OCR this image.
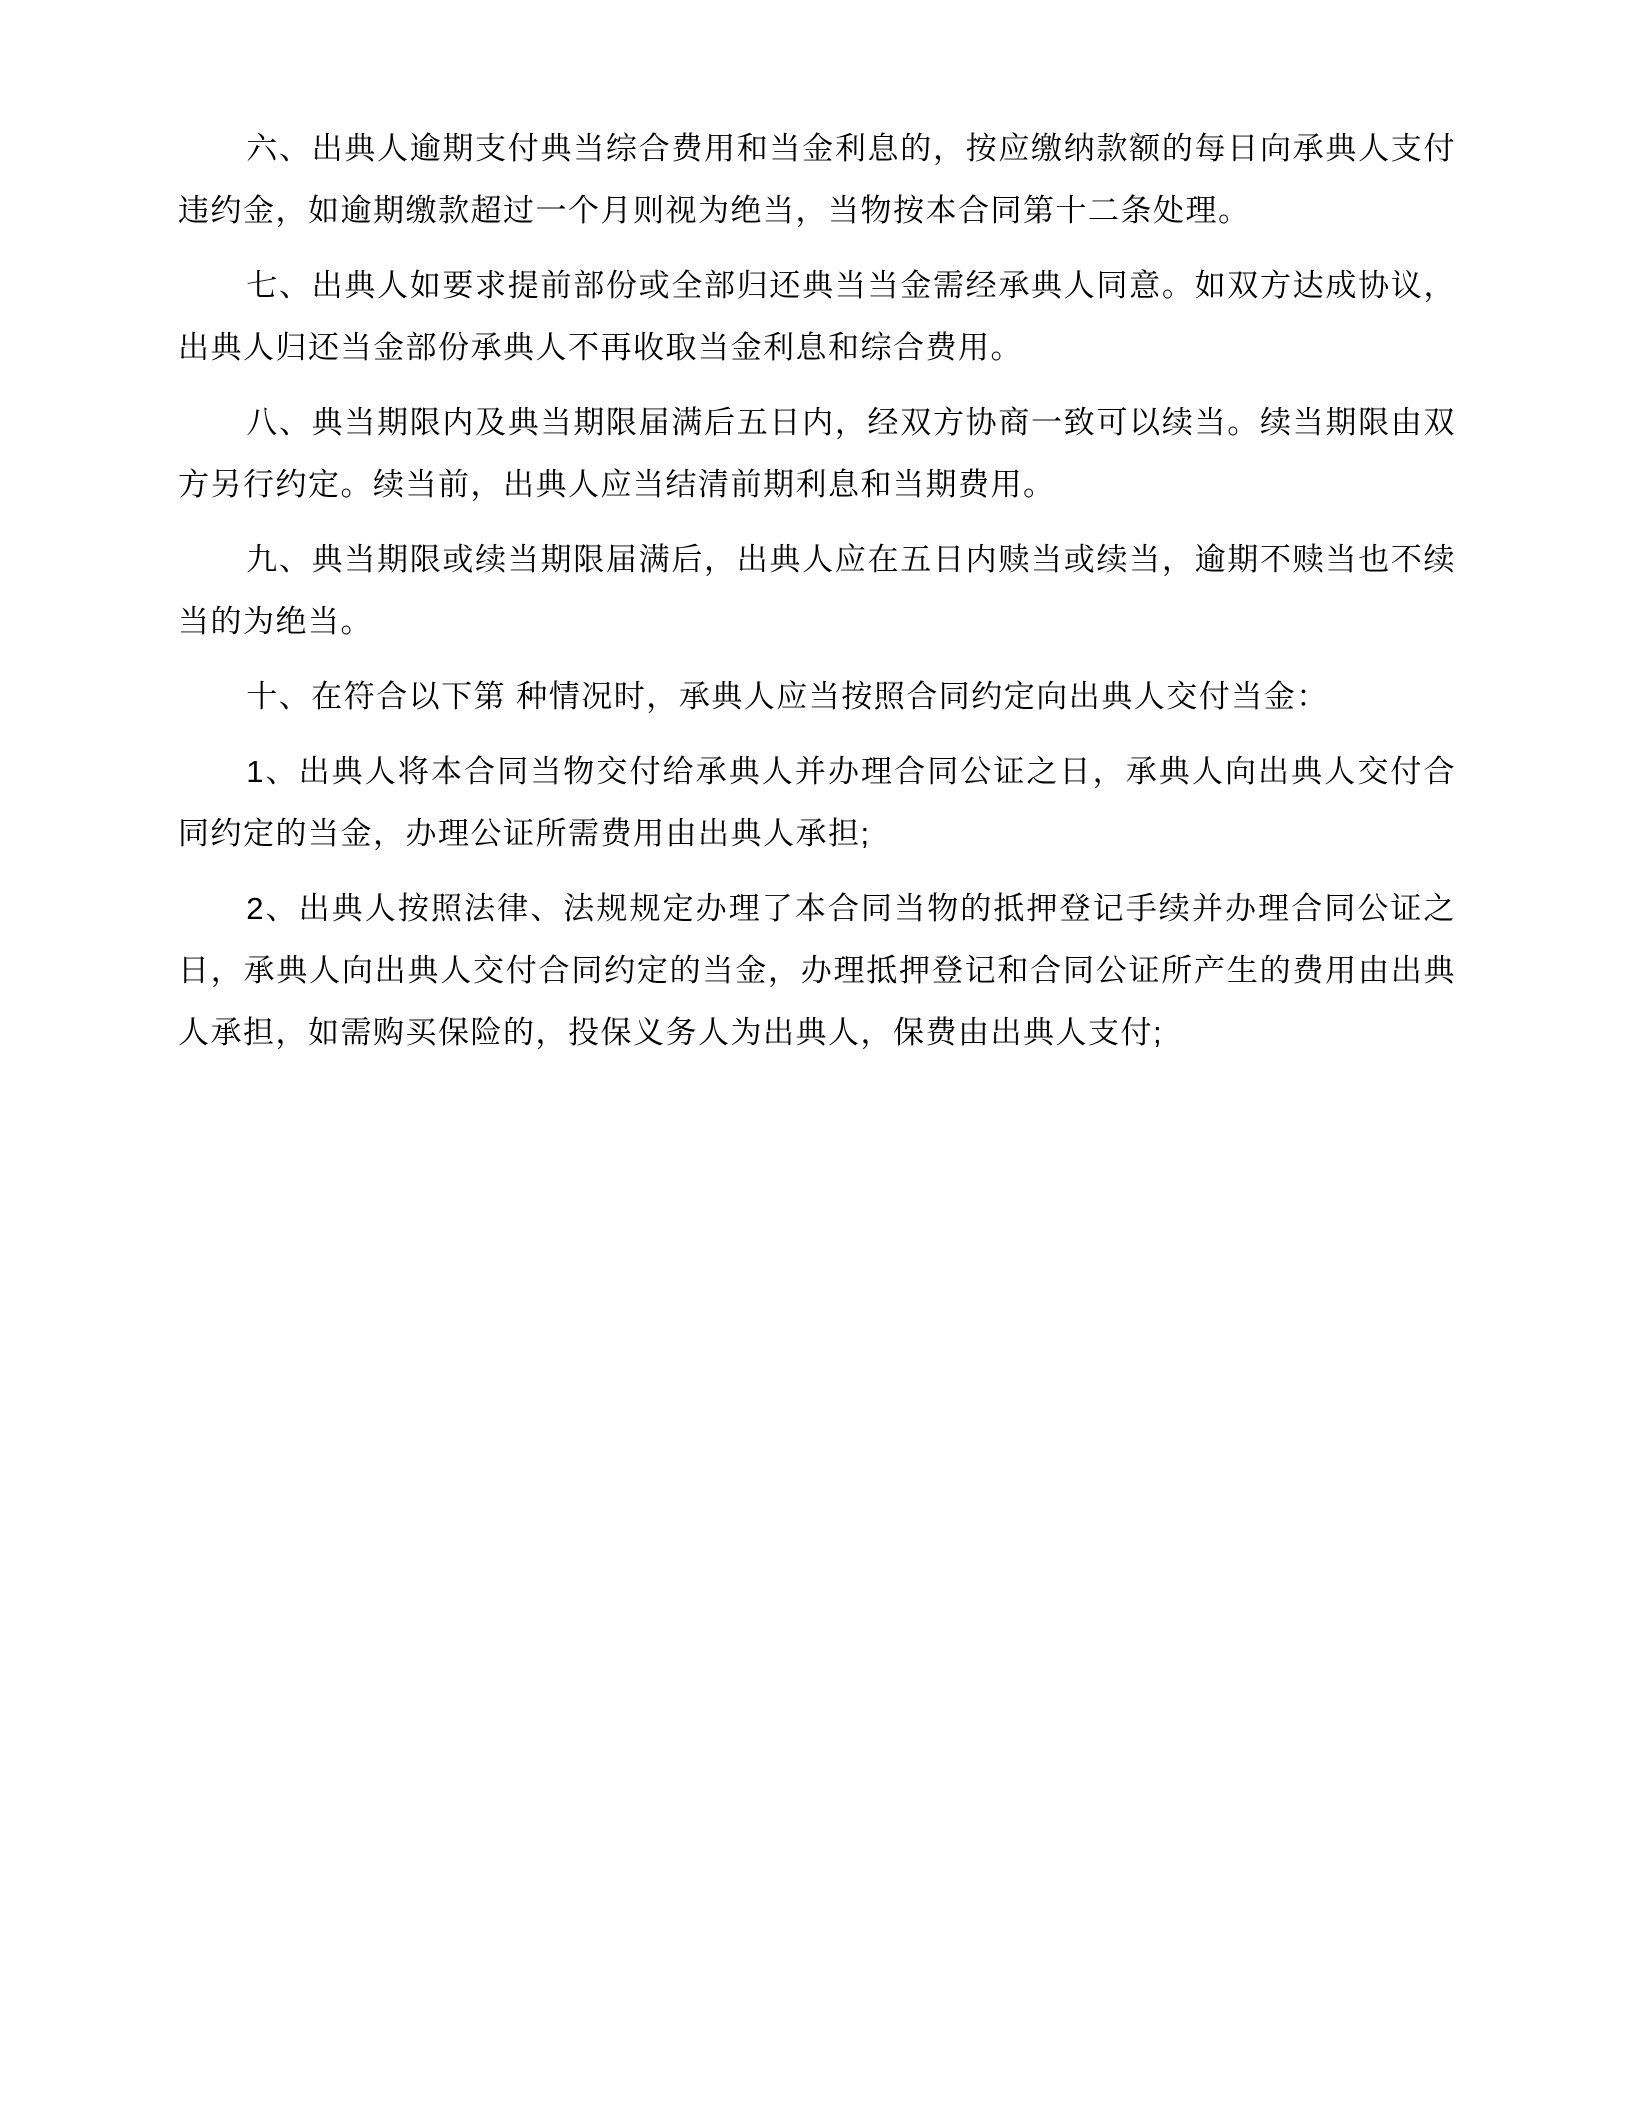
六、出典人逾期支付典当综合费用和当金利息的，按应缴纳款额的每日向承典人支付违约金，如逾期缴款超过一个月则视为绝当，当物按本合同第十二条处理。

七、出典人如要求提前部份或全部归还典当当金需经承典人同意。如双方达成协议，出典人归还当金部份承典人不再收取当金利息和综合费用。

八、典当期限内及典当期限届满后五日内，经双方协商一致可以续当。续当期限由双方另行约定。续当前，出典人应当结清前期利息和当期费用。

九、典当期限或续当期限届满后，出典人应在五日内赎当或续当，逾期不赎当也不续当的为绝当。

十、在符合以下第 种情况时，承典人应当按照合同约定向出典人交付当金：

1、出典人将本合同当物交付给承典人并办理合同公证之日，承典人向出典人交付合同约定的当金，办理公证所需费用由出典人承担;

2、出典人按照法律、法规规定办理了本合同当物的抵押登记手续并办理合同公证之日，承典人向出典人交付合同约定的当金，办理抵押登记和合同公证所产生的费用由出典人承担，如需购买保险的，投保义务人为出典人，保费由出典人支付;
